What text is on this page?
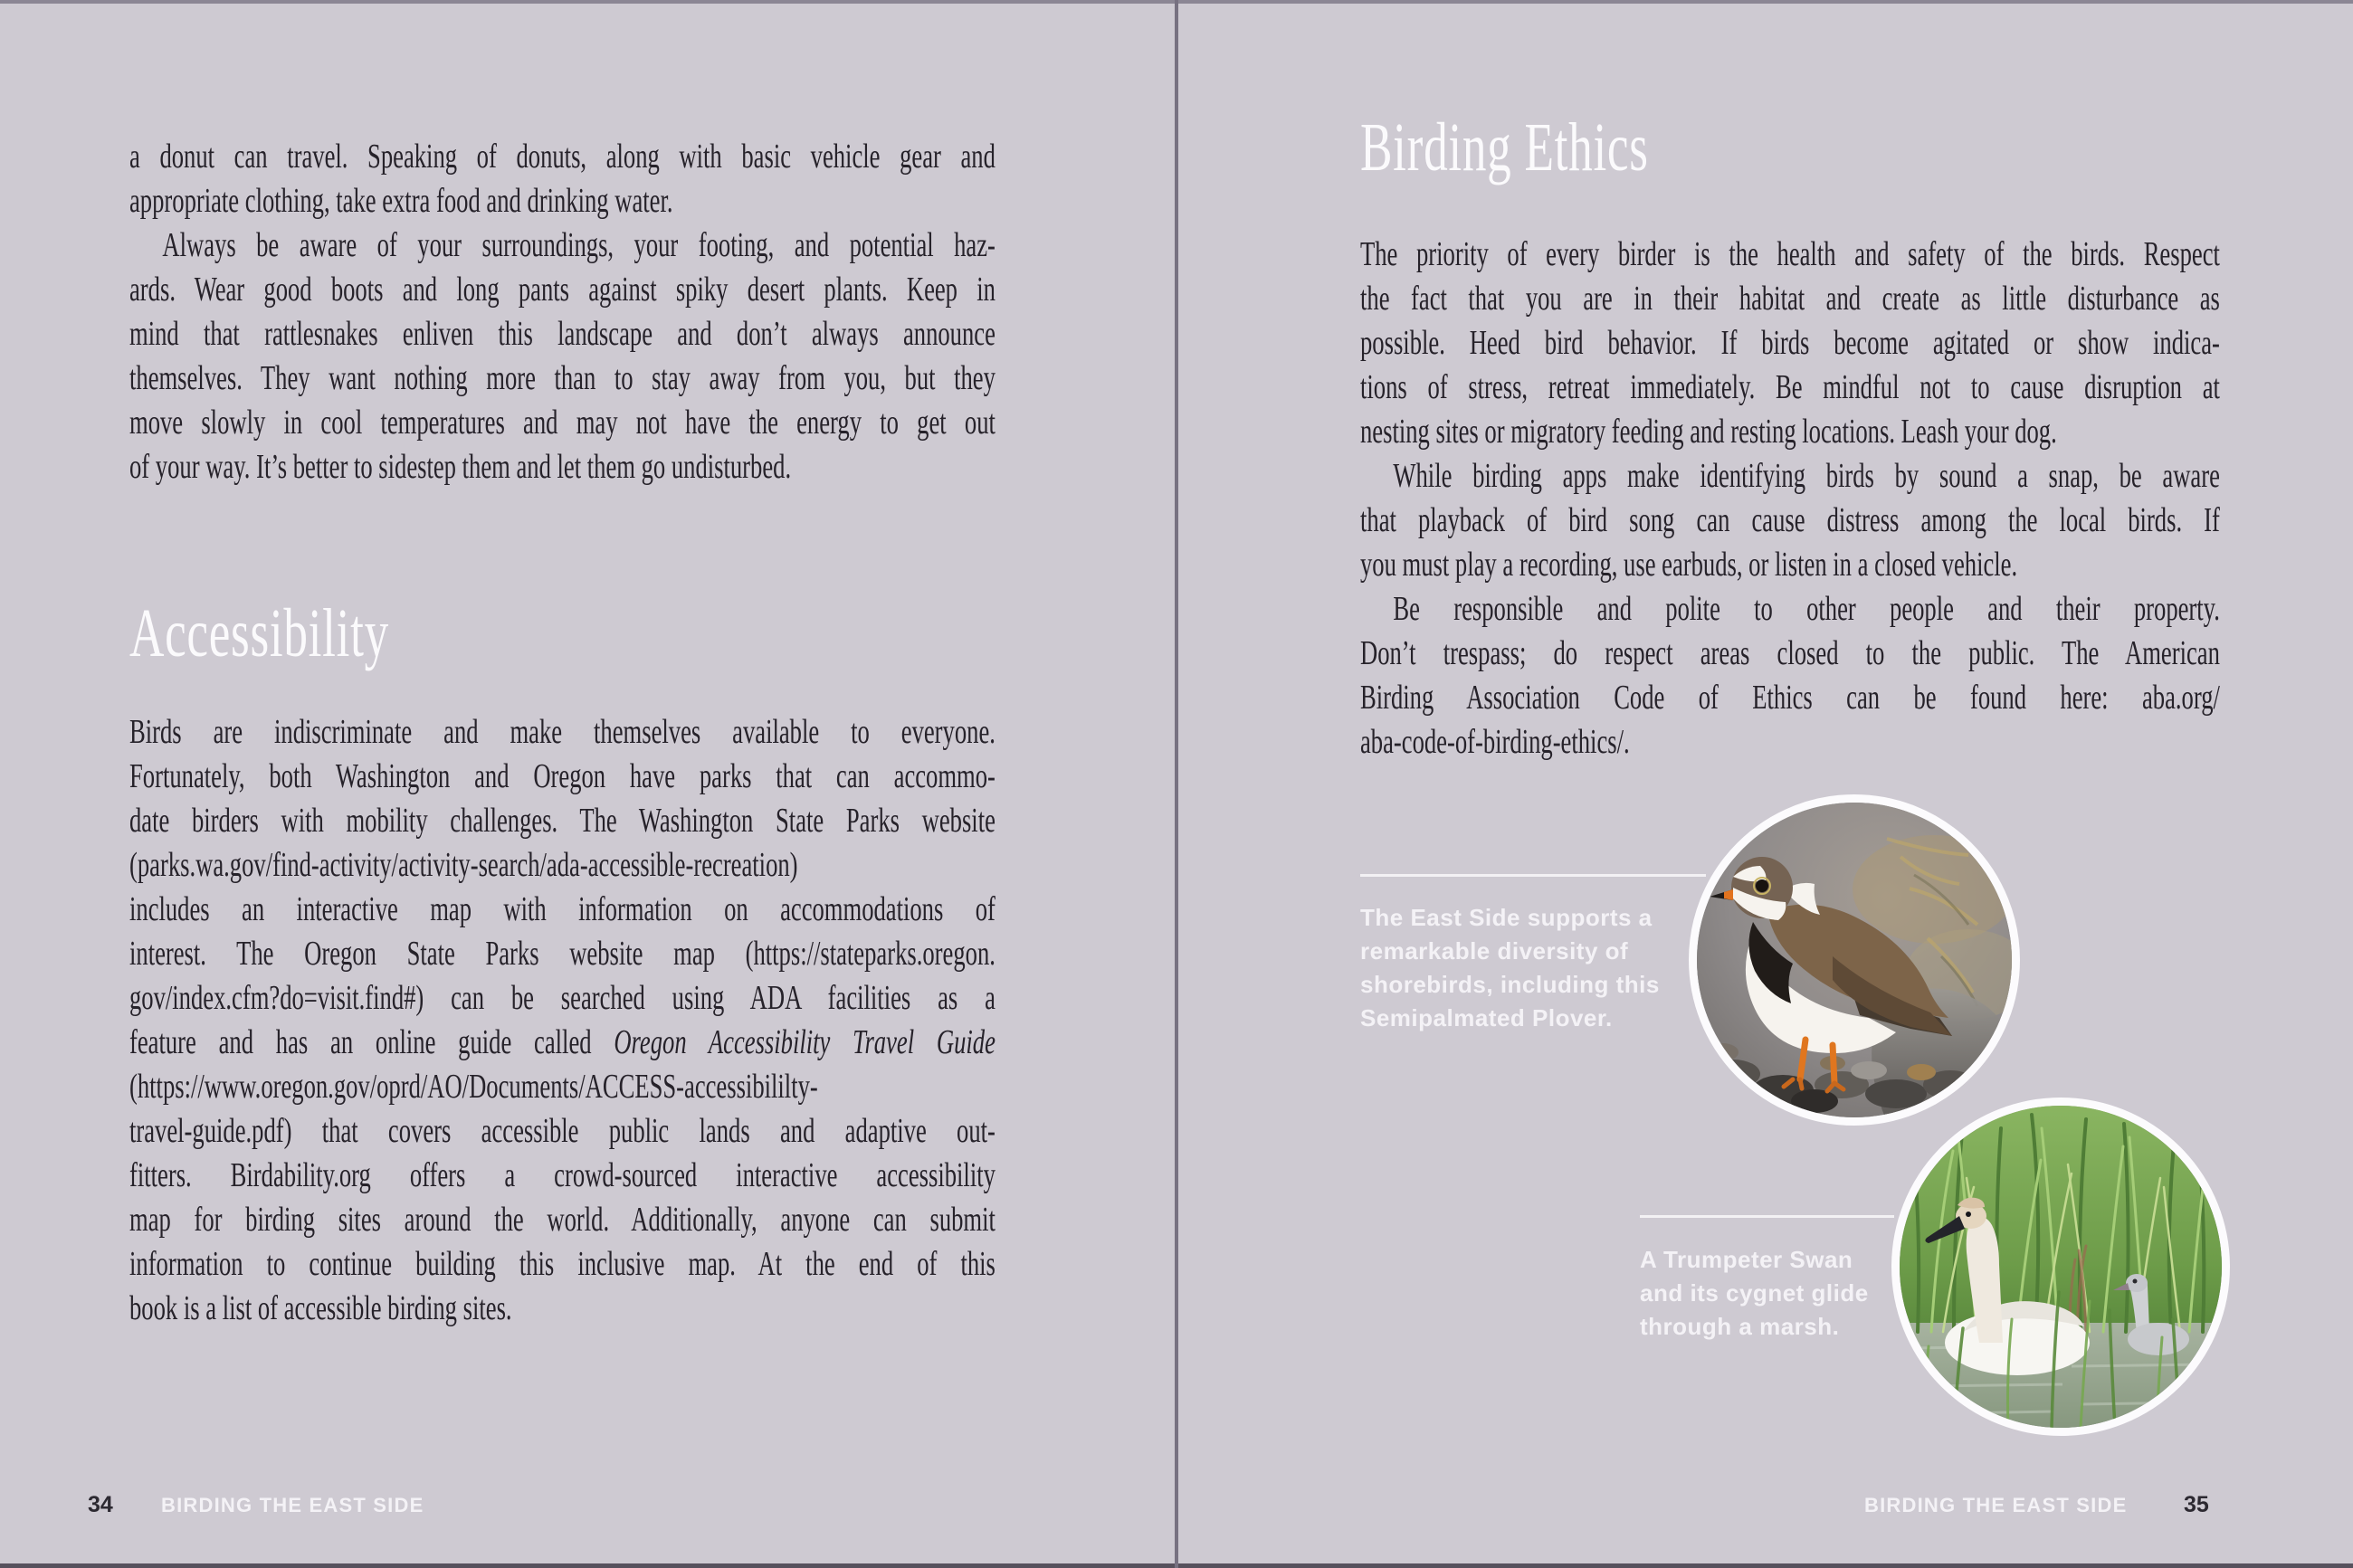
a donut can travel. Speaking of donuts, along with basic vehicle gear and
appropriate clothing, take extra food and drinking water.
Always be aware of your surroundings, your footing, and potential haz-
ards. Wear good boots and long pants against spiky desert plants. Keep in
mind that rattlesnakes enliven this landscape and don’t always announce
themselves. They want nothing more than to stay away from you, but they
move slowly in cool temperatures and may not have the energy to get out
of your way. It’s better to sidestep them and let them go undisturbed.
Accessibility
Birds are indiscriminate and make themselves available to everyone.
Fortunately, both Washington and Oregon have parks that can accommo-
date birders with mobility challenges. The Washington State Parks website
(parks.wa.gov/find-activity/activity-search/ada-accessible-recreation)
includes an interactive map with information on accommodations of
interest. The Oregon State Parks website map (https://stateparks.oregon.
gov/index.cfm?do=visit.find#) can be searched using ADA facilities as a
feature and has an online guide called Oregon Accessibility Travel Guide
(https://www.oregon.gov/oprd/AO/Documents/ACCESS-accessibililty-
travel-guide.pdf) that covers accessible public lands and adaptive out-
fitters. Birdability.org offers a crowd-sourced interactive accessibility
map for birding sites around the world. Additionally, anyone can submit
information to continue building this inclusive map. At the end of this
book is a list of accessible birding sites.
Birding Ethics
The priority of every birder is the health and safety of the birds. Respect
the fact that you are in their habitat and create as little disturbance as
possible. Heed bird behavior. If birds become agitated or show indica-
tions of stress, retreat immediately. Be mindful not to cause disruption at
nesting sites or migratory feeding and resting locations. Leash your dog.
While birding apps make identifying birds by sound a snap, be aware
that playback of bird song can cause distress among the local birds. If
you must play a recording, use earbuds, or listen in a closed vehicle.
Be responsible and polite to other people and their property.
Don’t trespass; do respect areas closed to the public. The American
Birding Association Code of Ethics can be found here: aba.org/
aba-code-of-birding-ethics/.
The East Side supports a
remarkable diversity of
shorebirds, including this
Semipalmated Plover.
A Trumpeter Swan
and its cygnet glide
through a marsh.
34 BIRDING THE EAST SIDE	BIRDING THE EAST SIDE	35
